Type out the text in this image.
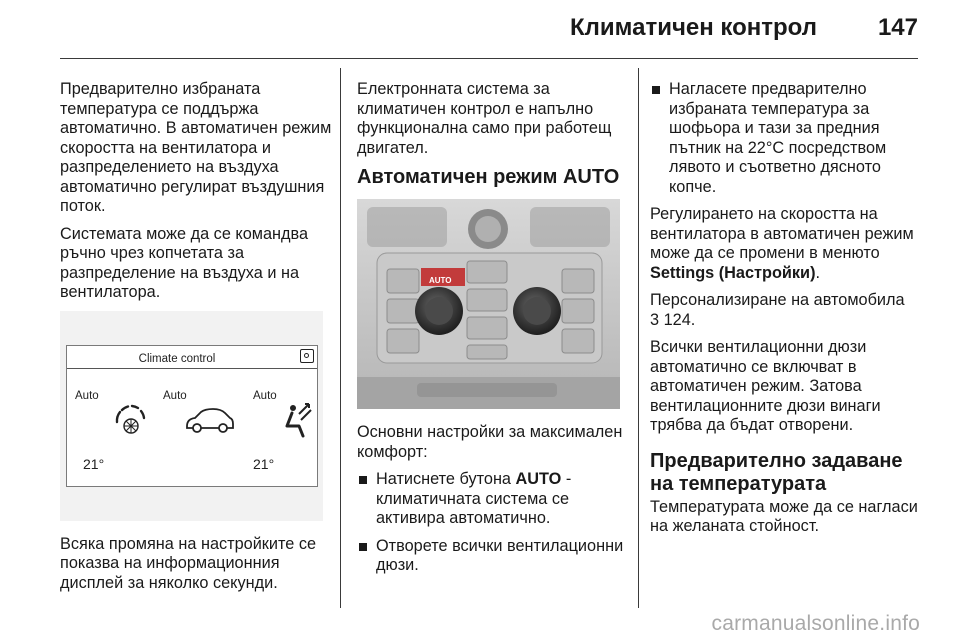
Климатичен контрол	147

Предварително избраната температура се поддържа автоматично. В автоматичен режим скоростта на вентилатора и разпределението на въздуха автоматично регулират въздушния поток.

Системата може да се командва ръчно чрез копчетата за разпределение на въздуха и на вентилатора.

Climate control
Auto	Auto	Auto
21°	21°

Всяка промяна на настройките се показва на информационния дисплей за няколко секунди.

Електронната система за климатичен контрол е напълно функционална само при работещ двигател.

Автоматичен режим AUTO
AUTO

Основни настройки за максимален комфорт:

Натиснете бутона AUTO - климатичната система се активира автоматично.
Отворете всички вентилационни дюзи.
Нагласете предварително избраната температура за шофьора и тази за предния пътник на 22°C посредством лявото и съответно дясното копче.

Регулирането на скоростта на вентилатора в автоматичен режим може да се промени в менюто Settings (Настройки).

Персонализиране на автомобила
3 124.

Всички вентилационни дюзи автоматично се включват в автоматичен режим. Затова вентилационните дюзи винаги трябва да бъдат отворени.

Предварително задаване на температурата

Температурата може да се нагласи на желаната стойност.

carmanualsonline.info
